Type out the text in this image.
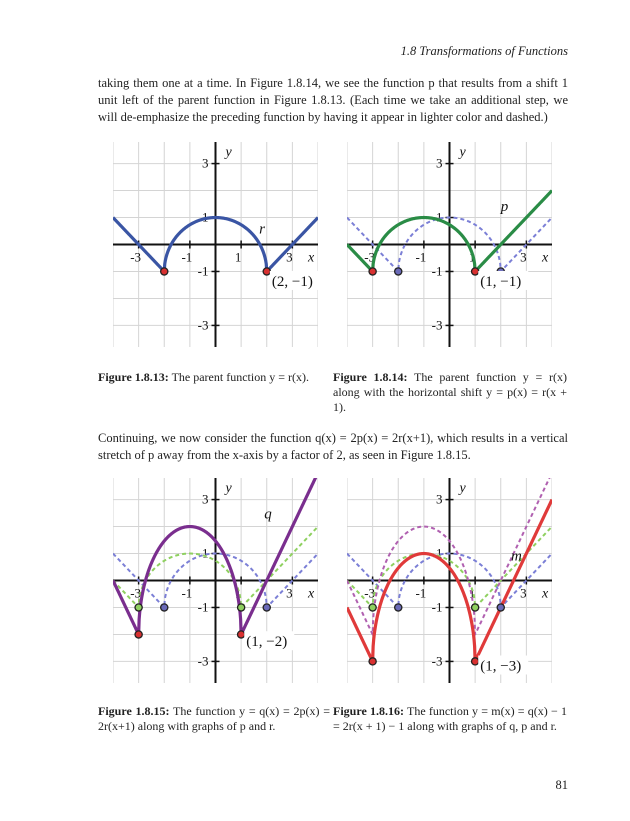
1.8 Transformations of Functions
taking them one at a time. In Figure 1.8.14, we see the function p that results from a shift 1 unit left of the parent function in Figure 1.8.13. (Each time we take an additional step, we will de-emphasize the preceding function by having it appear in lighter color and dashed.)
-3	-1	1	3
3
1
-1
-3
x
y
r
(2, −1)
-3	-1	1	3
3
1
-1
-3
x
y
p
(1, −1)
Figure 1.8.13: The parent function y = r(x).	Figure 1.8.14: The parent function y = r(x) along with the horizontal shift y = p(x) = r(x + 1).
Continuing, we now consider the function q(x) = 2p(x) = 2r(x+1), which results in a vertical stretch of p away from the x-axis by a factor of 2, as seen in Figure 1.8.15.
-3	-1	1	3
3
1
-1
-3
x
y
q
(1, −2)
-3	-1	1	3
3
1
-1
-3
x
y
m
(1, −3)
Figure 1.8.15: The function y = q(x) = 2p(x) = 2r(x+1) along with graphs of p and r.
Figure 1.8.16: The function y = m(x) = q(x) − 1 = 2r(x + 1) − 1 along with graphs of q, p and r.
81
